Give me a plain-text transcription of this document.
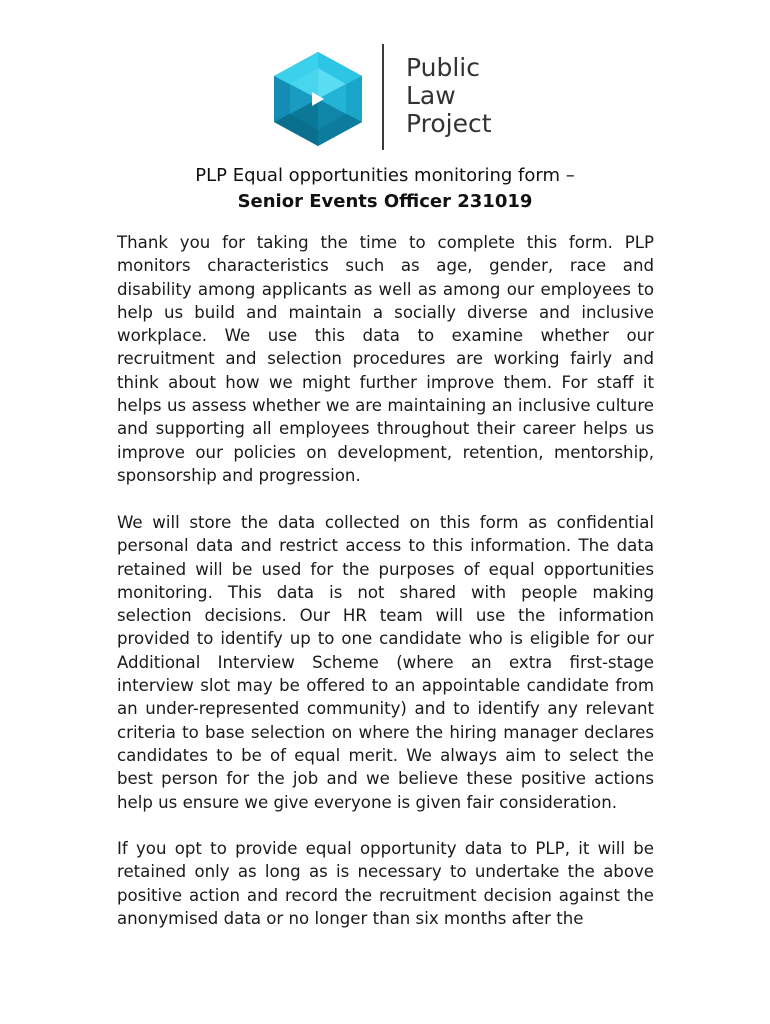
Public
Law
Project
PLP Equal opportunities monitoring form –
Senior Events Officer 231019

Thank you for taking the time to complete this form. PLP monitors characteristics such as age, gender, race and disability among applicants as well as among our employees to help us build and maintain a socially diverse and inclusive workplace. We use this data to examine whether our recruitment and selection procedures are working fairly and think about how we might further improve them. For staff it helps us assess whether we are maintaining an inclusive culture and supporting all employees throughout their career helps us improve our policies on development, retention, mentorship, sponsorship and progression.

We will store the data collected on this form as confidential personal data and restrict access to this information. The data retained will be used for the purposes of equal opportunities monitoring. This data is not shared with people making selection decisions. Our HR team will use the information provided to identify up to one candidate who is eligible for our Additional Interview Scheme (where an extra first-stage interview slot may be offered to an appointable candidate from an under-represented community) and to identify any relevant criteria to base selection on where the hiring manager declares candidates to be of equal merit. We always aim to select the best person for the job and we believe these positive actions help us ensure we give everyone is given fair consideration.

If you opt to provide equal opportunity data to PLP, it will be retained only as long as is necessary to undertake the above positive action and record the recruitment decision against the anonymised data or no longer than six months after the
